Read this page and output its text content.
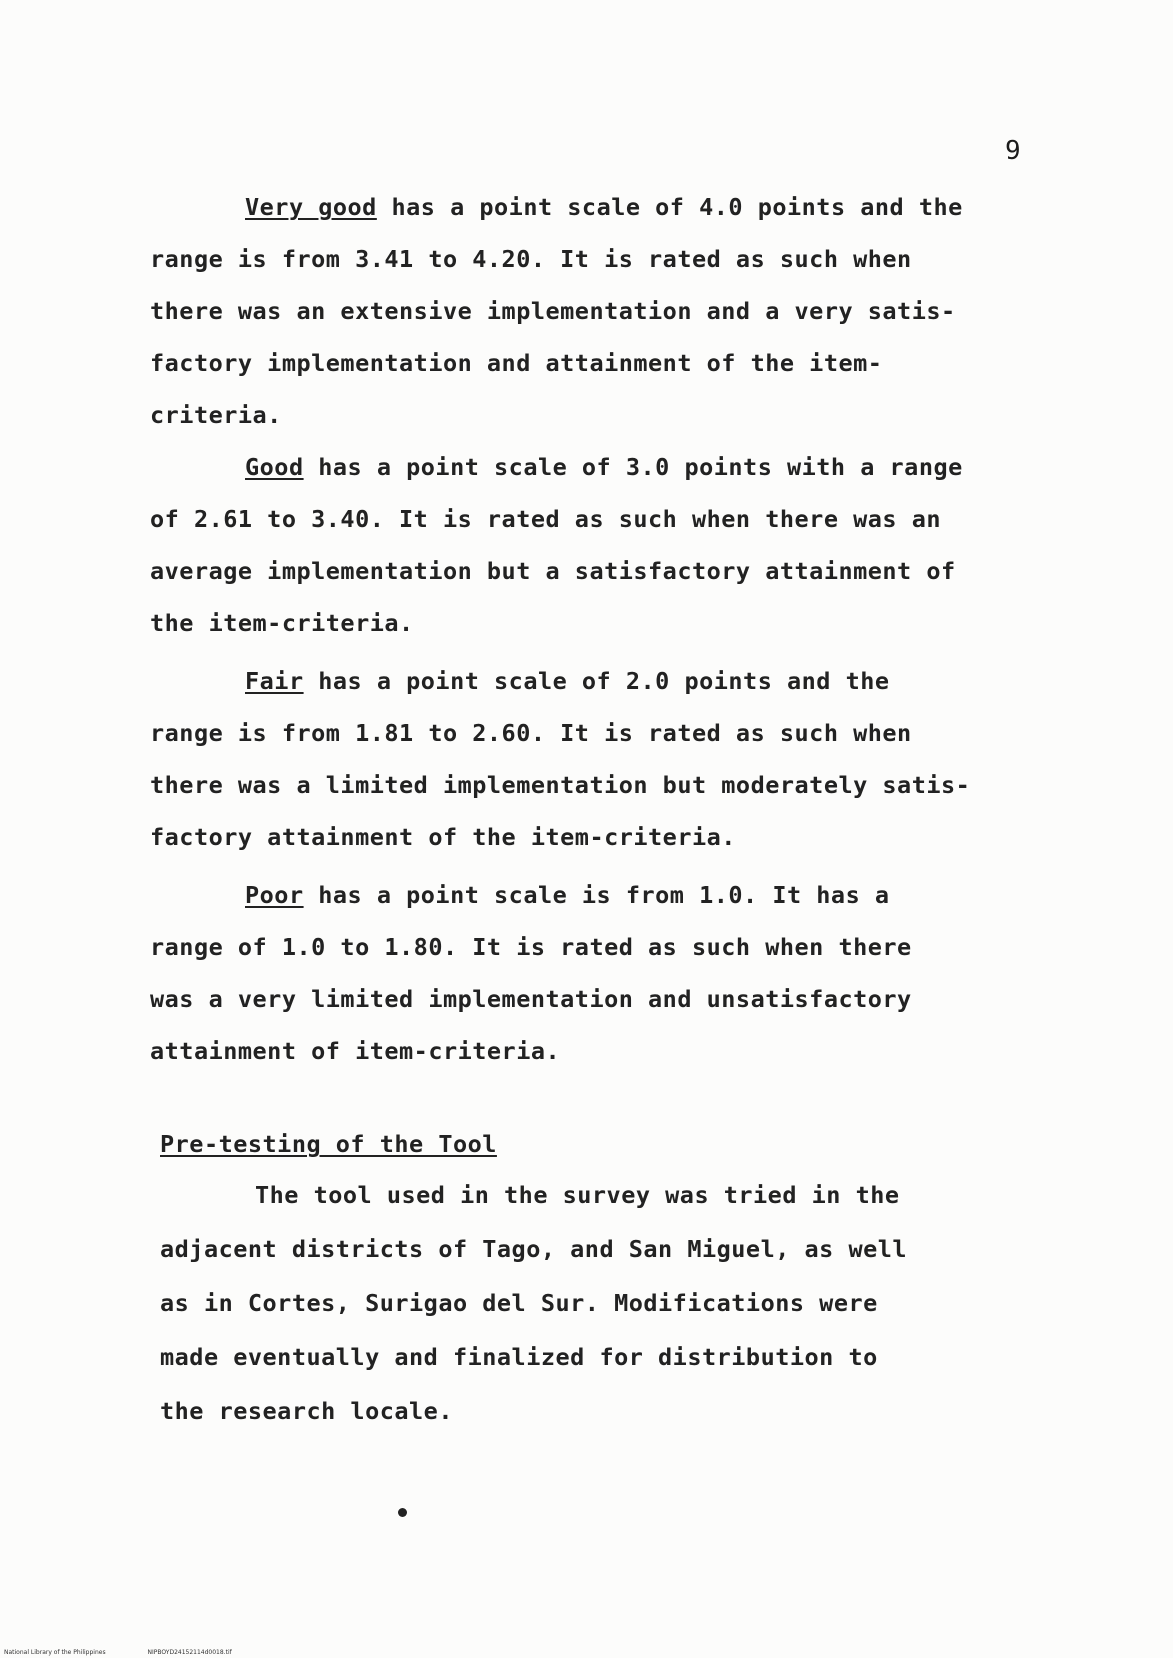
9
Very good has a point scale of 4.0 points and the
range is from 3.41 to 4.20. It is rated as such when
there was an extensive implementation and a very satis-
factory implementation and attainment of the item-
criteria.
Good has a point scale of 3.0 points with a range
of 2.61 to 3.40. It is rated as such when there was an
average implementation but a satisfactory attainment of
the item-criteria.
Fair has a point scale of 2.0 points and the
range is from 1.81 to 2.60. It is rated as such when
there was a limited implementation but moderately satis-
factory attainment of the item-criteria.
Poor has a point scale is from 1.0. It has a
range of 1.0 to 1.80. It is rated as such when there
was a very limited implementation and unsatisfactory
attainment of item-criteria.
Pre-testing of the Tool
The tool used in the survey was tried in the
adjacent districts of Tago, and San Miguel, as well
as in Cortes, Surigao del Sur. Modifications were
made eventually and finalized for distribution to
the research locale.
National Library of the Philippines	NIPBOYD24152114d0018.tif
